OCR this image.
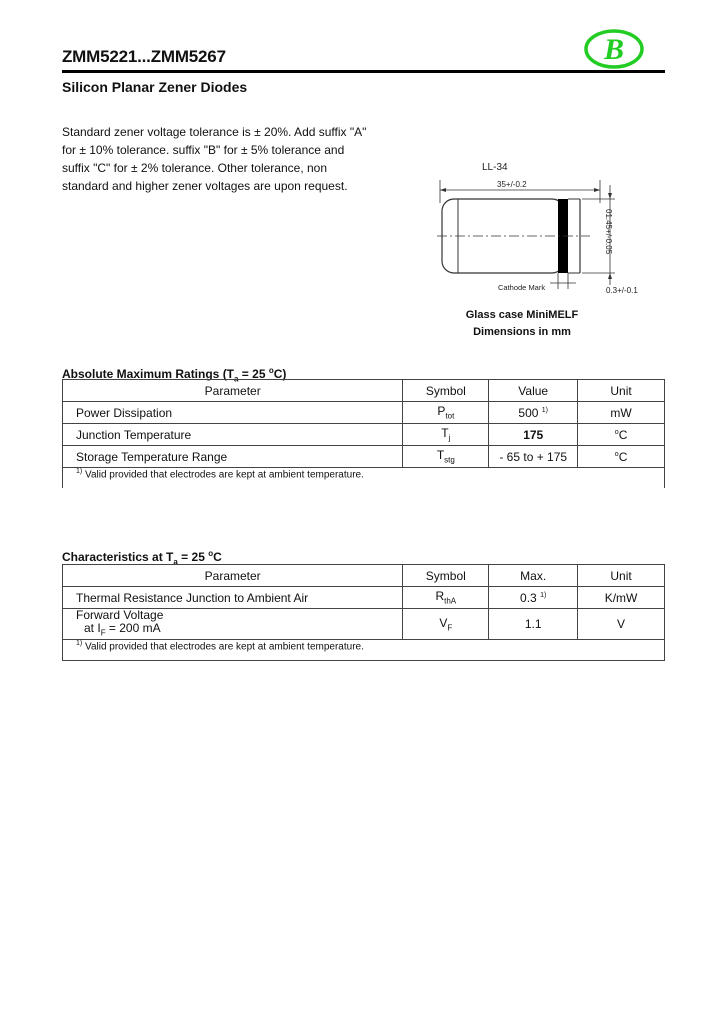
ZMM5221...ZMM5267
Silicon Planar Zener Diodes
B
Standard zener voltage tolerance is ± 20%. Add suffix "A"
for ± 10% tolerance. suffix "B" for ± 5% tolerance and
suffix "C" for ± 2% tolerance. Other tolerance, non
standard and higher zener voltages are upon request.
LL-34
35+/-0.2
01.45+/-0.05
Cathode Mark	0.3+/-0.1
Glass case MiniMELF
Dimensions in mm
Absolute Maximum Ratings ($T_a = 25$ $^o$C)
Parameter	Symbol	Value	Unit
Power Dissipation	$P_{tot}$	500 $^{1)}$	mW
Junction Temperature	$T_j$	175	$^o$C
Storage Temperature Range	$T_{stg}$	- 65 to + 175	$^o$C
$^{1)}$ Valid provided that electrodes are kept at ambient temperature.			
Characteristics at $T_a = 25$ $^o$C
Parameter	Symbol	Max.	Unit
Thermal Resistance Junction to Ambient Air	$R_{thA}$	0.3 $^{1)}$	K/mW

Forward Voltage
at $I_F = 200$ mA	$V_F$	1.1	V
$^{1)}$ Valid provided that electrodes are kept at ambient temperature.			
